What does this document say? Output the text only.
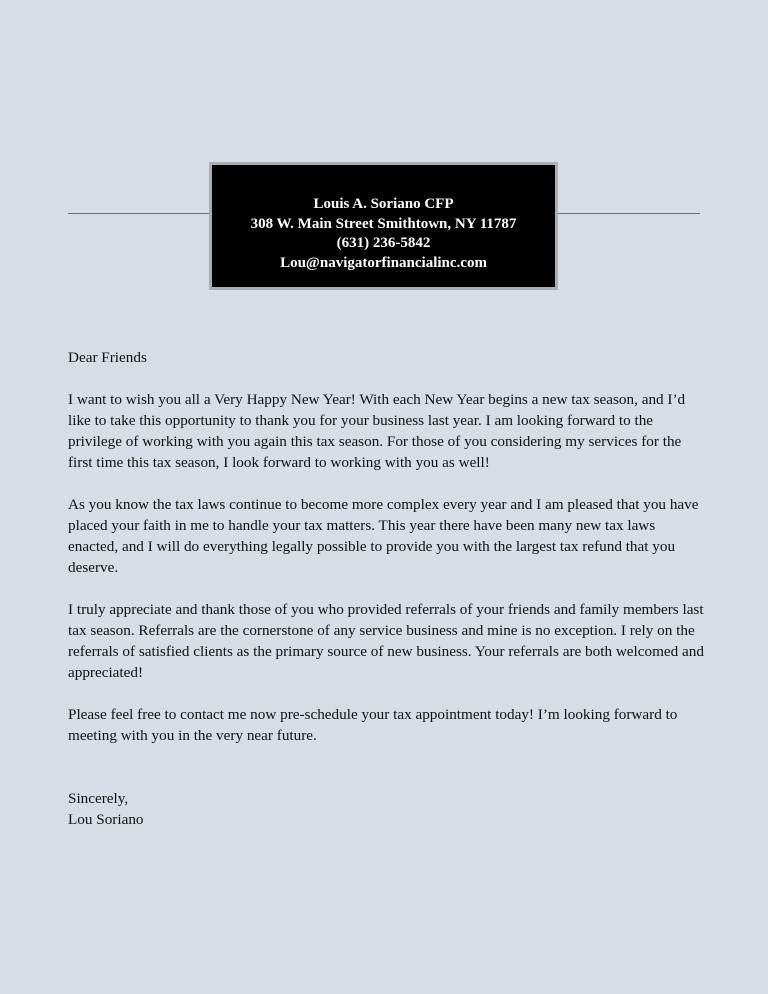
Louis A. Soriano CFP
308 W. Main Street Smithtown, NY 11787
(631) 236-5842
Lou@navigatorfinancialinc.com

Dear Friends

I want to wish you all a Very Happy New Year! With each New Year begins a new tax season, and I’d like to take this opportunity to thank you for your business last year. I am looking forward to the privilege of working with you again this tax season. For those of you considering my services for the first time this tax season, I look forward to working with you as well!

As you know the tax laws continue to become more complex every year and I am pleased that you have placed your faith in me to handle your tax matters. This year there have been many new tax laws enacted, and I will do everything legally possible to provide you with the largest tax refund that you deserve.

I truly appreciate and thank those of you who provided referrals of your friends and family members last tax season. Referrals are the cornerstone of any service business and mine is no exception. I rely on the referrals of satisfied clients as the primary source of new business. Your referrals are both welcomed and appreciated!

Please feel free to contact me now pre-schedule your tax appointment today! I’m looking forward to meeting with you in the very near future.

Sincerely,
Lou Soriano
